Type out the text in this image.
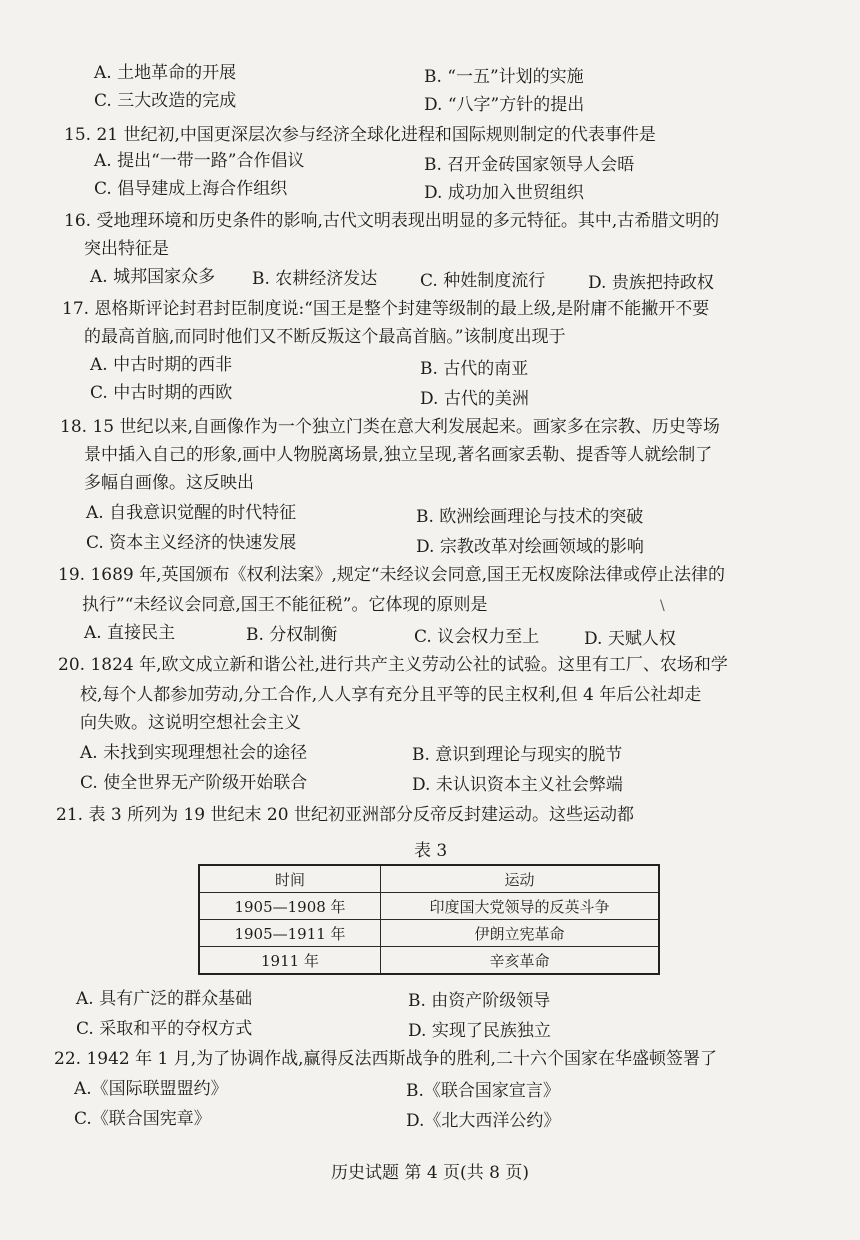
A. 土地革命的开展	B. “一五”计划的实施
C. 三大改造的完成	D. “八字”方针的提出
15. 21 世纪初,中国更深层次参与经济全球化进程和国际规则制定的代表事件是
A. 提出“一带一路”合作倡议	B. 召开金砖国家领导人会晤
C. 倡导建成上海合作组织	D. 成功加入世贸组织
16. 受地理环境和历史条件的影响,古代文明表现出明显的多元特征。其中,古希腊文明的
突出特征是
A. 城邦国家众多 B. 农耕经济发达	C. 种姓制度流行	D. 贵族把持政权
17. 恩格斯评论封君封臣制度说:“国王是整个封建等级制的最上级,是附庸不能撇开不要
的最高首脑,而同时他们又不断反叛这个最高首脑。”该制度出现于
A. 中古时期的西非	B. 古代的南亚
C. 中古时期的西欧	D. 古代的美洲
18. 15 世纪以来,自画像作为一个独立门类在意大利发展起来。画家多在宗教、历史等场
景中插入自己的形象,画中人物脱离场景,独立呈现,著名画家丢勒、提香等人就绘制了
多幅自画像。这反映出
A. 自我意识觉醒的时代特征	B. 欧洲绘画理论与技术的突破
C. 资本主义经济的快速发展	D. 宗教改革对绘画领域的影响
19. 1689 年,英国颁布《权利法案》,规定“未经议会同意,国王无权废除法律或停止法律的
执行”“未经议会同意,国王不能征税”。它体现的原则是	\
A. 直接民主	B. 分权制衡	C. 议会权力至上	D. 天赋人权
20. 1824 年,欧文成立新和谐公社,进行共产主义劳动公社的试验。这里有工厂、农场和学
校,每个人都参加劳动,分工合作,人人享有充分且平等的民主权利,但 4 年后公社却走
向失败。这说明空想社会主义
A. 未找到实现理想社会的途径	B. 意识到理论与现实的脱节
C. 使全世界无产阶级开始联合	D. 未认识资本主义社会弊端
21. 表 3 所列为 19 世纪末 20 世纪初亚洲部分反帝反封建运动。这些运动都
表 3
时间	运动
1905—1908 年	印度国大党领导的反英斗争
1905—1911 年	伊朗立宪革命
1911 年	辛亥革命
A. 具有广泛的群众基础	B. 由资产阶级领导
C. 采取和平的夺权方式	D. 实现了民族独立
22. 1942 年 1 月,为了协调作战,赢得反法西斯战争的胜利,二十六个国家在华盛顿签署了
A.《国际联盟盟约》	B.《联合国家宣言》
C.《联合国宪章》	D.《北大西洋公约》
历史试题 第 4 页(共 8 页)
